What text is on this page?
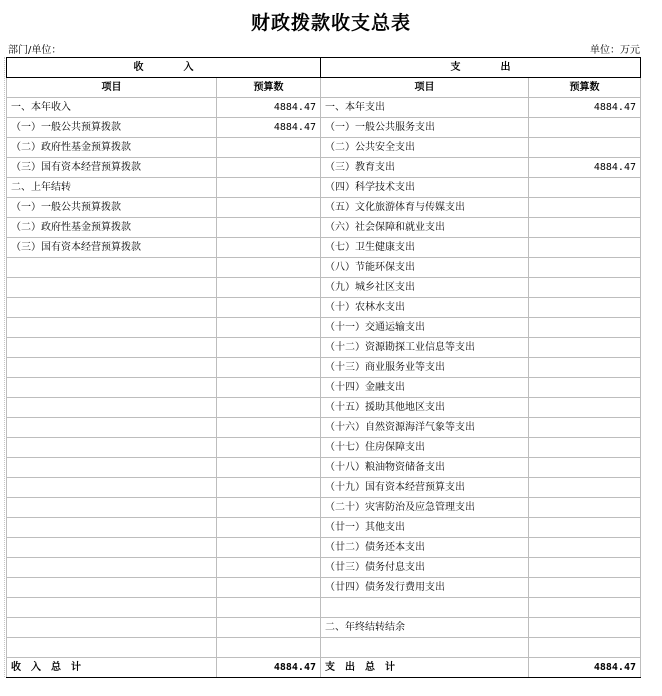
财政拨款收支总表
部门/单位：	单位：万元
收　　　　入		支　　　　出	
项目	预算数	项目	预算数
一、本年收入	4884.47	一、本年支出	4884.47
（一）一般公共预算拨款	4884.47	（一）一般公共服务支出	
（二）政府性基金预算拨款		（二）公共安全支出	
（三）国有资本经营预算拨款		（三）教育支出	4884.47
二、上年结转		（四）科学技术支出	
（一）一般公共预算拨款		（五）文化旅游体育与传媒支出	
（二）政府性基金预算拨款		（六）社会保障和就业支出	
（三）国有资本经营预算拨款		（七）卫生健康支出	
		（八）节能环保支出	
		（九）城乡社区支出	
		（十）农林水支出	
		（十一）交通运输支出	
		（十二）资源勘探工业信息等支出	
		（十三）商业服务业等支出	
		（十四）金融支出	
		（十五）援助其他地区支出	
		（十六）自然资源海洋气象等支出	
		（十七）住房保障支出	
		（十八）粮油物资储备支出	
		（十九）国有资本经营预算支出	
		（二十）灾害防治及应急管理支出	
		（廿一）其他支出	
		（廿二）债务还本支出	
		（廿三）债务付息支出	
		（廿四）债务发行费用支出	

		二、年终结转结余	

收　入　总　计	4884.47	支　出　总　计	4884.47
